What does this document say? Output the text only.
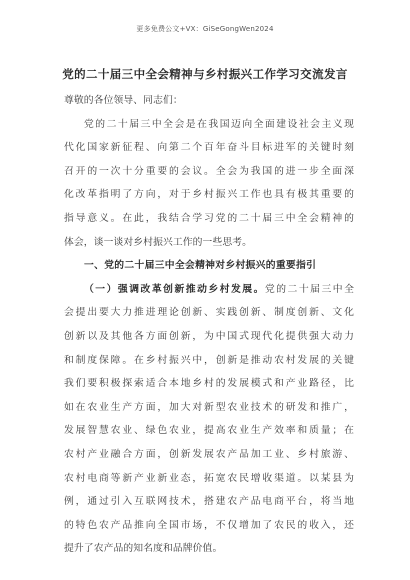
更多免费公文+VX：GiSeGongWen2024
党的二十届三中全会精神与乡村振兴工作学习交流发言
尊敬的各位领导、同志们：
党的二十届三中全会是在我国迈向全面建设社会主义现
代化国家新征程、向第二个百年奋斗目标进军的关键时刻
召开的一次十分重要的会议。全会为我国的进一步全面深
化改革指明了方向，对于乡村振兴工作也具有极其重要的
指导意义。在此，我结合学习党的二十届三中全会精神的
体会，谈一谈对乡村振兴工作的一些思考。
一、党的二十届三中全会精神对乡村振兴的重要指引
（一）强调改革创新推动乡村发展。党的二十届三中全
会提出要大力推进理论创新、实践创新、制度创新、文化
创新以及其他各方面创新，为中国式现代化提供强大动力
和制度保障。在乡村振兴中，创新是推动农村发展的关键
我们要积极探索适合本地乡村的发展模式和产业路径，比
如在农业生产方面，加大对新型农业技术的研发和推广，
发展智慧农业、绿色农业，提高农业生产效率和质量；在
农村产业融合方面，创新发展农产品加工业、乡村旅游、
农村电商等新产业新业态，拓宽农民增收渠道。以某县为
例，通过引入互联网技术，搭建农产品电商平台，将当地
的特色农产品推向全国市场，不仅增加了农民的收入，还
提升了农产品的知名度和品牌价值。
